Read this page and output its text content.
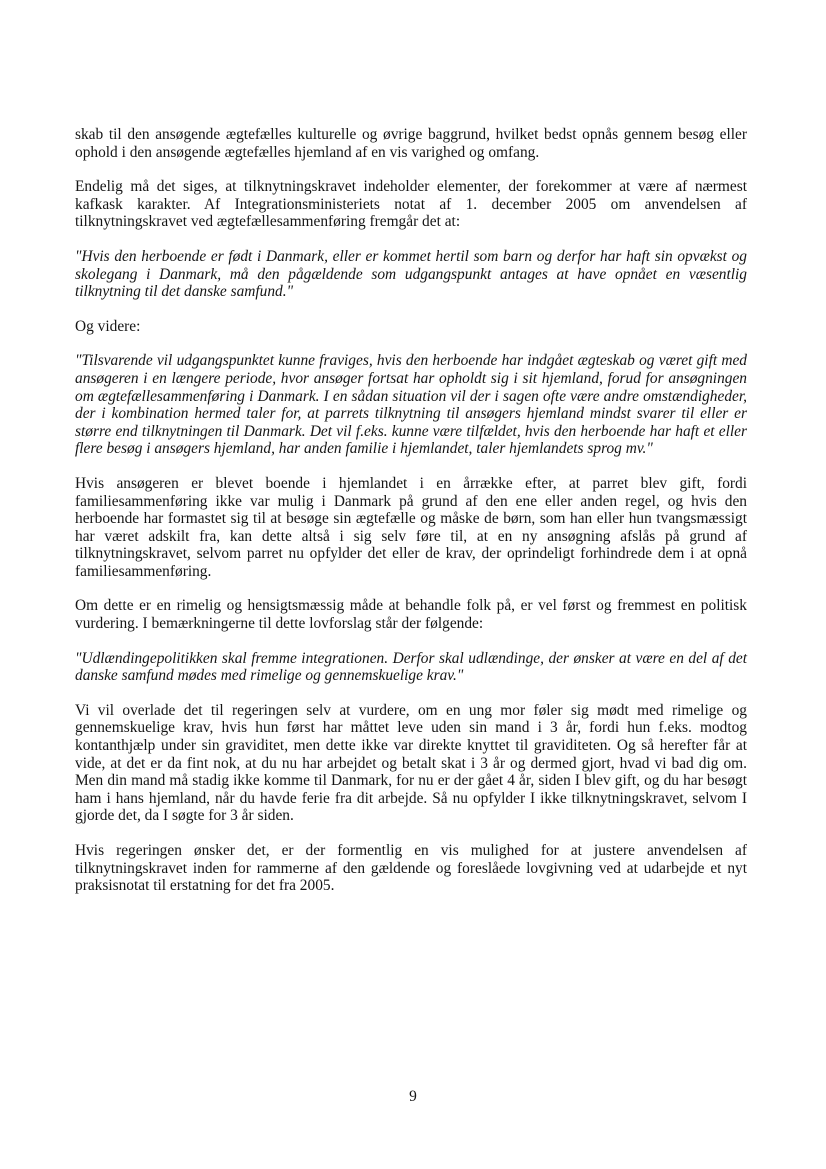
skab til den ansøgende ægtefælles kulturelle og øvrige baggrund, hvilket bedst opnås gennem besøg eller ophold i den ansøgende ægtefælles hjemland af en vis varighed og omfang.

Endelig må det siges, at tilknytningskravet indeholder elementer, der forekommer at være af nærmest kafkask karakter. Af Integrationsministeriets notat af 1. december 2005 om anvendelsen af tilknytningskravet ved ægtefællesammenføring fremgår det at:

"Hvis den herboende er født i Danmark, eller er kommet hertil som barn og derfor har haft sin opvækst og skolegang i Danmark, må den pågældende som udgangspunkt antages at have opnået en væsentlig tilknytning til det danske samfund."

Og videre:

"Tilsvarende vil udgangspunktet kunne fraviges, hvis den herboende har indgået ægteskab og været gift med ansøgeren i en længere periode, hvor ansøger fortsat har opholdt sig i sit hjemland, forud for ansøgningen om ægtefællesammenføring i Danmark. I en sådan situation vil der i sagen ofte være andre omstændigheder, der i kombination hermed taler for, at parrets tilknytning til ansøgers hjemland mindst svarer til eller er større end tilknytningen til Danmark. Det vil f.eks. kunne være tilfældet, hvis den herboende har haft et eller flere besøg i ansøgers hjemland, har anden familie i hjemlandet, taler hjemlandets sprog mv."

Hvis ansøgeren er blevet boende i hjemlandet i en årrække efter, at parret blev gift, fordi familiesammenføring ikke var mulig i Danmark på grund af den ene eller anden regel, og hvis den herboende har formastet sig til at besøge sin ægtefælle og måske de børn, som han eller hun tvangsmæssigt har været adskilt fra, kan dette altså i sig selv føre til, at en ny ansøgning afslås på grund af tilknytningskravet, selvom parret nu opfylder det eller de krav, der oprindeligt forhindrede dem i at opnå familiesammenføring.

Om dette er en rimelig og hensigtsmæssig måde at behandle folk på, er vel først og fremmest en politisk vurdering. I bemærkningerne til dette lovforslag står der følgende:

"Udlændingepolitikken skal fremme integrationen. Derfor skal udlændinge, der ønsker at være en del af det danske samfund mødes med rimelige og gennemskuelige krav."

Vi vil overlade det til regeringen selv at vurdere, om en ung mor føler sig mødt med rimelige og gennemskuelige krav, hvis hun først har måttet leve uden sin mand i 3 år, fordi hun f.eks. modtog kontanthjælp under sin graviditet, men dette ikke var direkte knyttet til graviditeten. Og så herefter får at vide, at det er da fint nok, at du nu har arbejdet og betalt skat i 3 år og dermed gjort, hvad vi bad dig om. Men din mand må stadig ikke komme til Danmark, for nu er der gået 4 år, siden I blev gift, og du har besøgt ham i hans hjemland, når du havde ferie fra dit arbejde. Så nu opfylder I ikke tilknytningskravet, selvom I gjorde det, da I søgte for 3 år siden.

Hvis regeringen ønsker det, er der formentlig en vis mulighed for at justere anvendelsen af tilknytningskravet inden for rammerne af den gældende og foreslåede lovgivning ved at udarbejde et nyt praksisnotat til erstatning for det fra 2005.

9
